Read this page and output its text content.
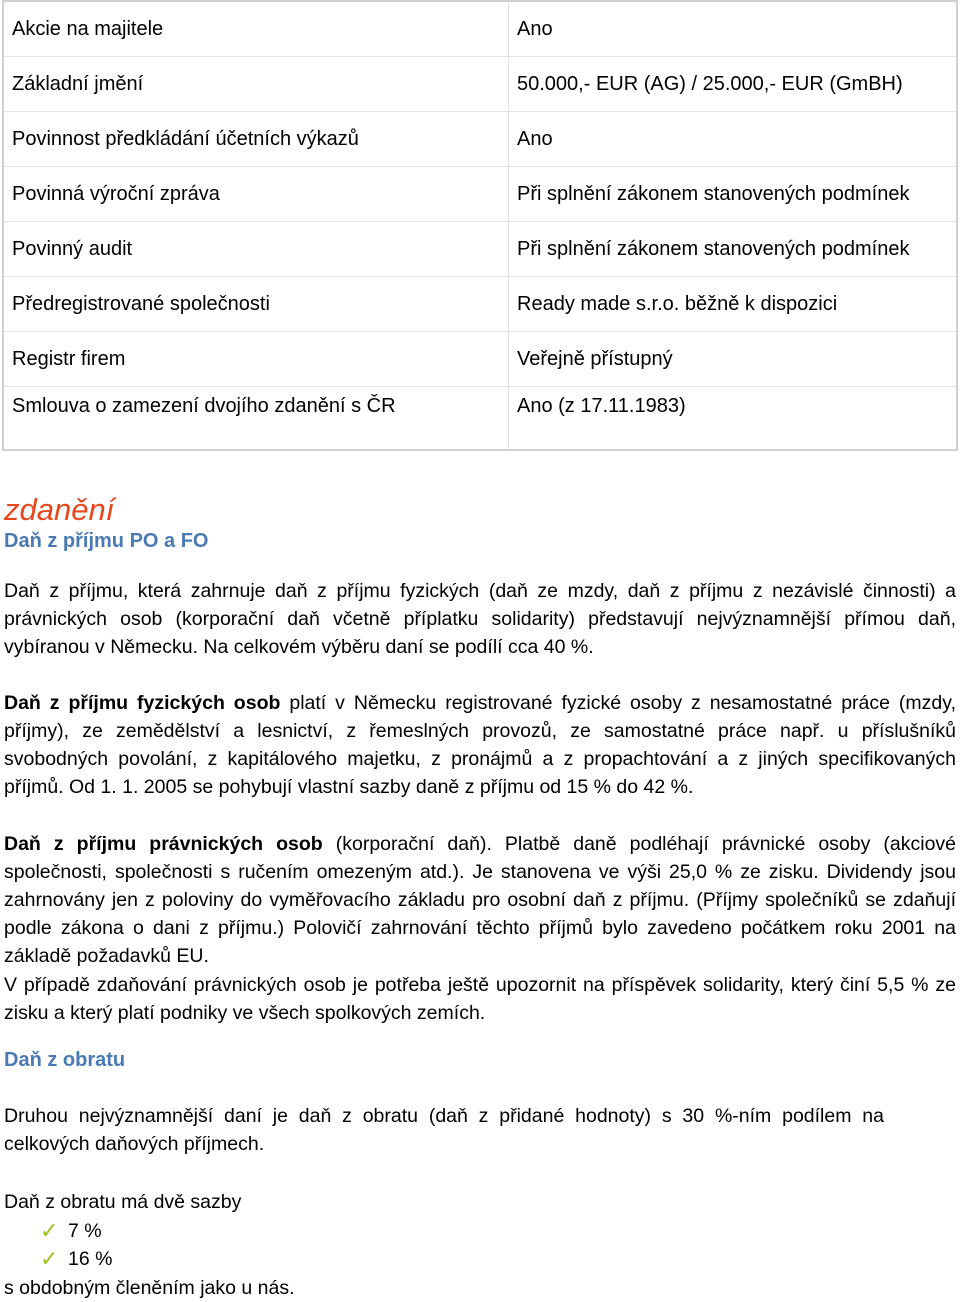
Akcie na majitele	Ano
Základní jmění	50.000,- EUR (AG) / 25.000,- EUR (GmBH)
Povinnost předkládání účetních výkazů	Ano
Povinná výroční zpráva	Při splnění zákonem stanovených podmínek
Povinný audit	Při splnění zákonem stanovených podmínek
Předregistrované společnosti	Ready made s.r.o. běžně k dispozici
Registr firem	Veřejně přístupný
Smlouva o zamezení dvojího zdanění s ČR	Ano (z 17.11.1983)
zdanění
Daň z příjmu PO a FO

Daň z příjmu, která zahrnuje daň z příjmu fyzických (daň ze mzdy, daň z příjmu z nezávislé činnosti) a právnických osob (korporační daň včetně příplatku solidarity) představují nejvýznamnější přímou daň, vybíranou v Německu. Na celkovém výběru daní se podílí cca 40 %.

Daň z příjmu fyzických osob platí v Německu registrované fyzické osoby z nesamostatné práce (mzdy, příjmy), ze zemědělství a lesnictví, z řemeslných provozů, ze samostatné práce např. u příslušníků svobodných povolání, z kapitálového majetku, z pronájmů a z propachtování a z jiných specifikovaných příjmů. Od 1. 1. 2005 se pohybují vlastní sazby daně z příjmu od 15 % do 42 %.

Daň z příjmu právnických osob (korporační daň). Platbě daně podléhají právnické osoby (akciové společnosti, společnosti s ručením omezeným atd.). Je stanovena ve výši 25,0 % ze zisku. Dividendy jsou zahrnovány jen z poloviny do vyměřovacího základu pro osobní daň z příjmu. (Příjmy společníků se zdaňují podle zákona o dani z příjmu.) Polovičí zahrnování těchto příjmů bylo zavedeno počátkem roku 2001 na základě požadavků EU.

V případě zdaňování právnických osob je potřeba ještě upozornit na příspěvek solidarity, který činí 5,5 % ze zisku a který platí podniky ve všech spolkových zemích.

Daň z obratu

Druhou nejvýznamnější daní je daň z obratu (daň z přidané hodnoty) s 30 %-ním podílem na celkových daňových příjmech.

Daň z obratu má dvě sazby

✓ 7 %
✓ 16 %

s obdobným členěním jako u nás.
